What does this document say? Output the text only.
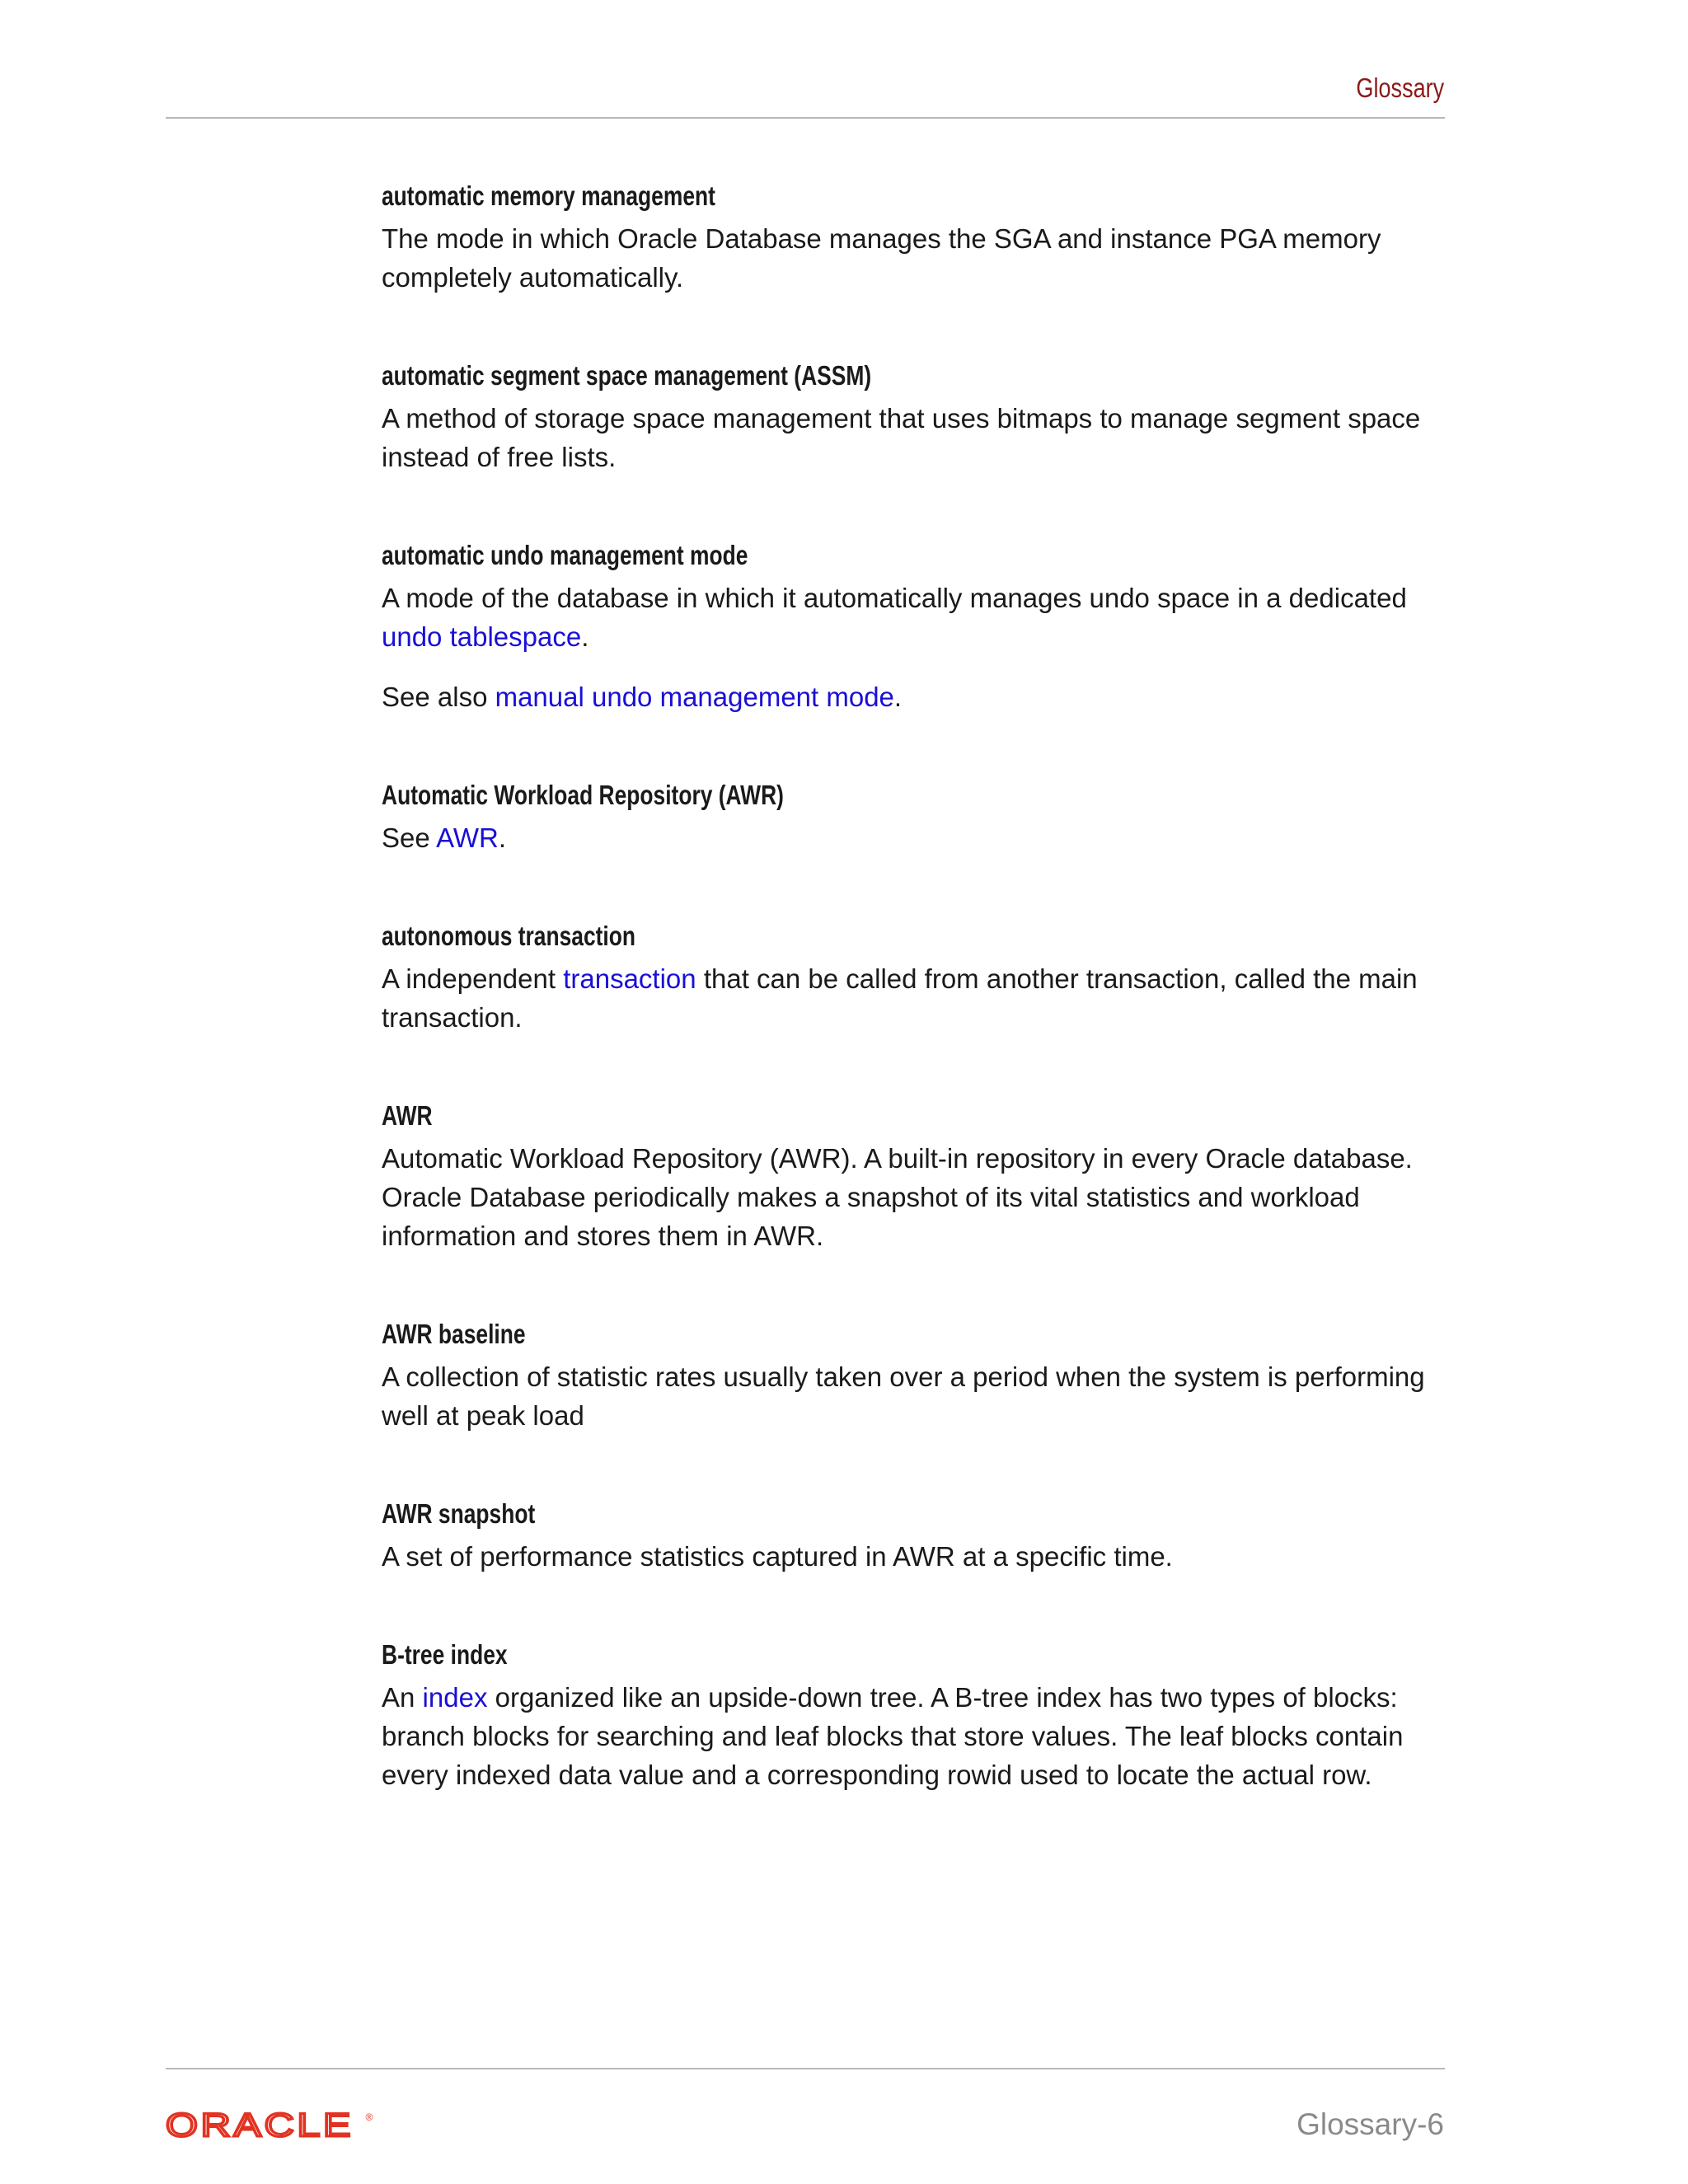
Glossary
automatic memory management

The mode in which Oracle Database manages the SGA and instance PGA memory completely automatically.

automatic segment space management (ASSM)

A method of storage space management that uses bitmaps to manage segment space instead of free lists.

automatic undo management mode

A mode of the database in which it automatically manages undo space in a dedicated undo tablespace.

See also manual undo management mode.

Automatic Workload Repository (AWR)

See AWR.

autonomous transaction

A independent transaction that can be called from another transaction, called the main transaction.

AWR

Automatic Workload Repository (AWR). A built-in repository in every Oracle database. Oracle Database periodically makes a snapshot of its vital statistics and workload information and stores them in AWR.

AWR baseline

A collection of statistic rates usually taken over a period when the system is performing well at peak load

AWR snapshot

A set of performance statistics captured in AWR at a specific time.

B-tree index

An index organized like an upside-down tree. A B-tree index has two types of blocks: branch blocks for searching and leaf blocks that store values. The leaf blocks contain every indexed data value and a corresponding rowid used to locate the actual row.

ORACLE ®	Glossary-6
